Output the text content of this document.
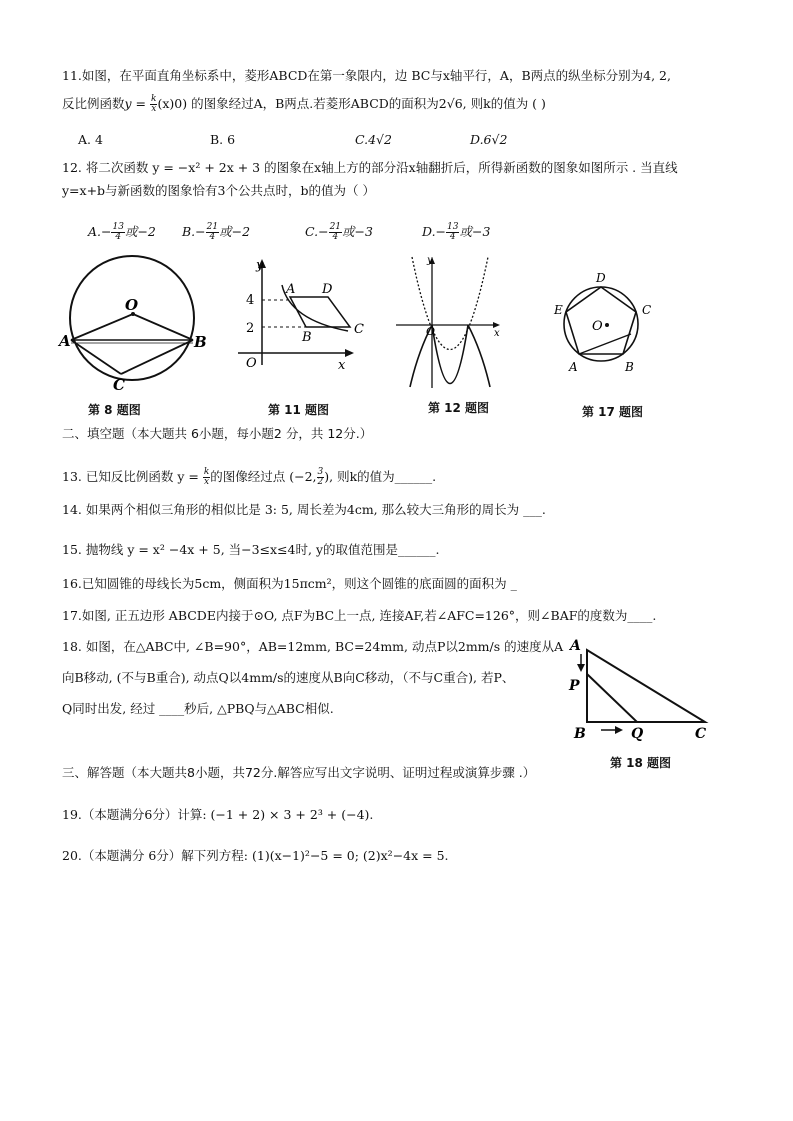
11.如图，在平面直角坐标系中，菱形ABCD在第一象限内，边 BC与x轴平行，A，B两点的纵坐标分别为4, 2,
反比例函数$y = \frac{k}{x} (x)0$) 的图象经过A，B两点.若菱形ABCD的面积为2√6, 则k的值为 ( )
A. 4	B. 6	C.4√2	D.6√2
12. 将二次函数 y = −x² + 2x + 3 的图象在x轴上方的部分沿x轴翻折后，所得新函数的图象如图所示 . 当直线
y=x+b与新函数的图象恰有3个公共点时，b的值为（ ）
$A.- \frac{13}{4}$ 或−2 $B.- \frac{21}{4}$ 或−2	$C.- \frac{21}{4}$ 或−3	$D.- \frac{13}{4}$ 或−3
O
A	B
C
第 8 题图
y
4
2
O	x
A D
B
C
第 11 题图
y
O	x
第 12 题图
D
E	C
O
A	B
第 17 题图
二、填空题（本大题共 6小题，每小题2 分，共 12分.）
13. 已知反比例函数 $y = \frac{k}{x}$ 的图像经过点 (−2, $\frac{3}{2}$ ), 则k的值为______.
14. 如果两个相似三角形的相似比是 3: 5, 周长差为4cm, 那么较大三角形的周长为 ___.
15. 抛物线 y = x² −4x + 5, 当−3≤x≤4时, y的取值范围是______.
16.已知圆锥的母线长为5cm，侧面积为15πcm²，则这个圆锥的底面圆的面积为 _
17.如图, 正五边形 ABCDE内接于⊙O, 点F为BC上一点, 连接AF,若∠AFC=126°，则∠BAF的度数为____.
18. 如图，在△ABC中, ∠B=90°，AB=12mm, BC=24mm, 动点P以2mm/s 的速度从A
向B移动, (不与B重合), 动点Q以4mm/s的速度从B向C移动，（不与C重合), 若P、
Q同时出发, 经过 ____秒后, △PBQ与△ABC相似.
A
P
B	Q	C
第 18 题图
三、解答题（本大题共8小题，共72分.解答应写出文字说明、证明过程或演算步骤 .）
19.（本题满分6分）计算: (−1 + 2) × 3 + 2³ + (−4).
20.（本题满分 6分）解下列方程: (1)(x−1)²−5 = 0; (2)x²−4x = 5.
